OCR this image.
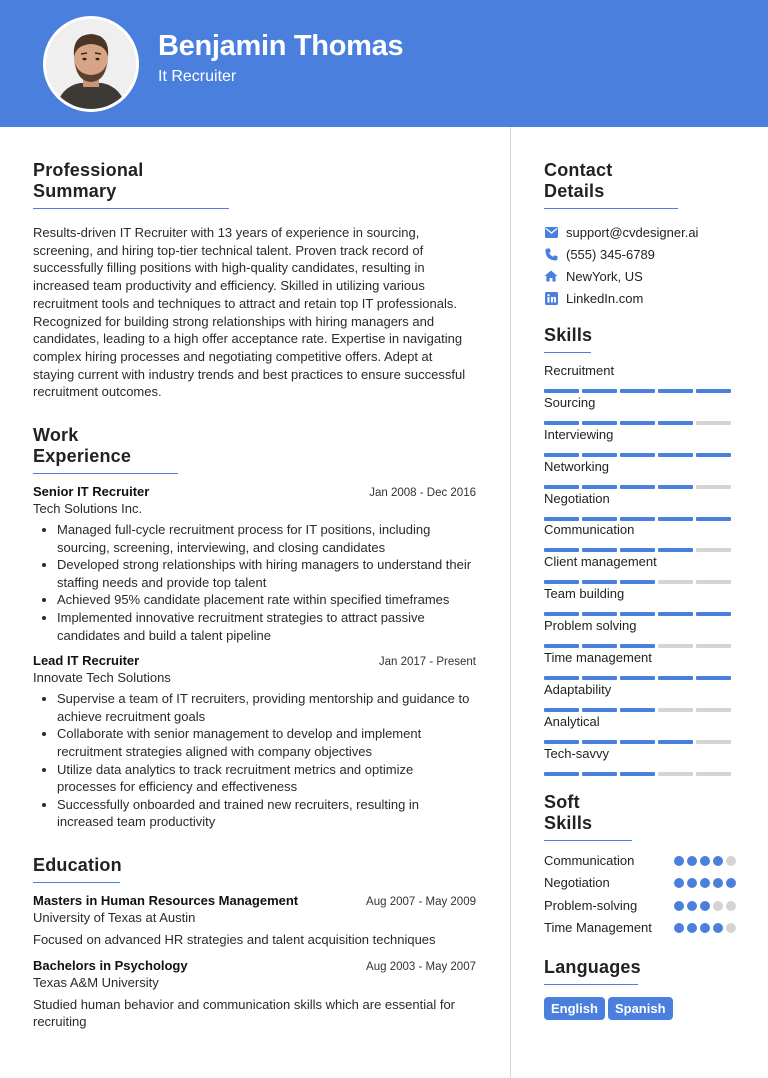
Benjamin Thomas
It Recruiter
Professional Summary

Results-driven IT Recruiter with 13 years of experience in sourcing, screening, and hiring top-tier technical talent. Proven track record of successfully filling positions with high-quality candidates, resulting in increased team productivity and efficiency. Skilled in utilizing various recruitment tools and techniques to attract and retain top IT professionals. Recognized for building strong relationships with hiring managers and candidates, leading to a high offer acceptance rate. Expertise in navigating complex hiring processes and negotiating competitive offers. Adept at staying current with industry trends and best practices to ensure successful recruitment outcomes.

Work Experience
Senior IT Recruiter	Jan 2008 - Dec 2016
Tech Solutions Inc.
• Managed full-cycle recruitment process for IT positions, including sourcing, screening, interviewing, and closing candidates
• Developed strong relationships with hiring managers to understand their staffing needs and provide top talent
• Achieved 95% candidate placement rate within specified timeframes
• Implemented innovative recruitment strategies to attract passive candidates and build a talent pipeline
Lead IT Recruiter	Jan 2017 - Present
Innovate Tech Solutions
• Supervise a team of IT recruiters, providing mentorship and guidance to achieve recruitment goals
• Collaborate with senior management to develop and implement recruitment strategies aligned with company objectives
• Utilize data analytics to track recruitment metrics and optimize processes for efficiency and effectiveness
• Successfully onboarded and trained new recruiters, resulting in increased team productivity
Education
Masters in Human Resources Management	Aug 2007 - May 2009
University of Texas at Austin
Focused on advanced HR strategies and talent acquisition techniques
Bachelors in Psychology	Aug 2003 - May 2007
Texas A&M University
Studied human behavior and communication skills which are essential for recruiting
Contact Details
support@cvdesigner.ai
(555) 345-6789
NewYork, US
LinkedIn.com
Skills
Recruitment
Sourcing
Interviewing
Networking
Negotiation
Communication
Client management
Team building
Problem solving
Time management
Adaptability
Analytical
Tech-savvy
Soft Skills
Communication
Negotiation
Problem-solving
Time Management
Languages
English Spanish
